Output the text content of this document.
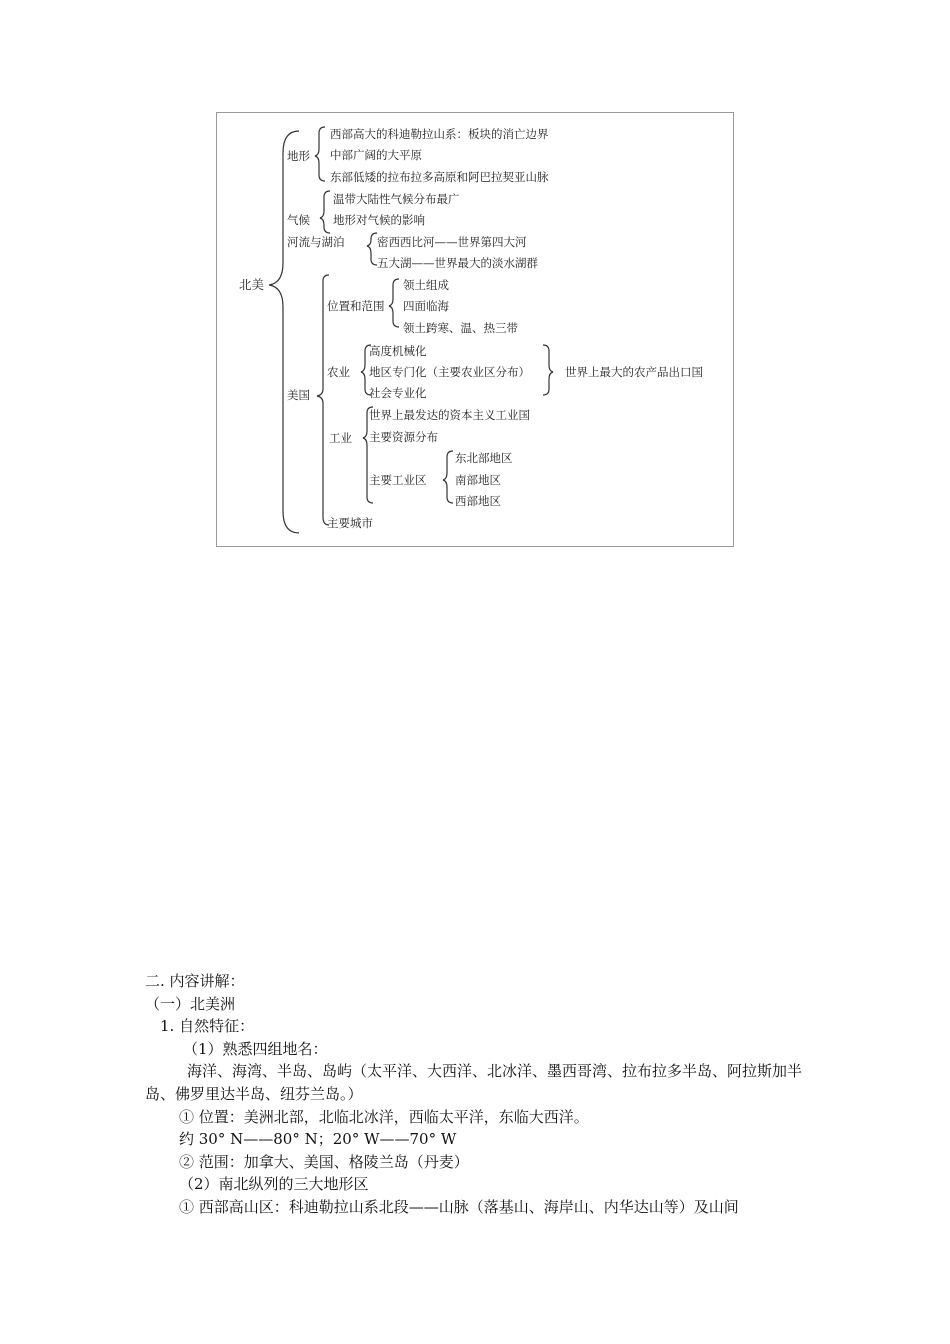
北美
地形
西部高大的科迪勒拉山系：板块的消亡边界
中部广阔的大平原
东部低矮的拉布拉多高原和阿巴拉契亚山脉
气候
温带大陆性气候分布最广
地形对气候的影响
河流与湖泊	密西西比河——世界第四大河
五大湖——世界最大的淡水湖群
美国
位置和范围
领土组成
四面临海
领土跨寒、温、热三带
农业
高度机械化
地区专门化（主要农业区分布）
社会专业化
世界上最大的农产品出口国
工业
世界上最发达的资本主义工业国
主要资源分布
主要工业区
东北部地区
南部地区
西部地区
主要城市
二. 内容讲解：
（一）北美洲
1. 自然特征：
（1）熟悉四组地名：
海洋、海湾、半岛、岛屿（太平洋、大西洋、北冰洋、墨西哥湾、拉布拉多半岛、阿拉斯加半岛、佛罗里达半岛、纽芬兰岛。）
① 位置：美洲北部，北临北冰洋，西临太平洋，东临大西洋。
约 30° N——80° N；20° W——70° W
② 范围：加拿大、美国、格陵兰岛（丹麦）
（2）南北纵列的三大地形区
① 西部高山区：科迪勒拉山系北段——山脉（落基山、海岸山、内华达山等）及山间
